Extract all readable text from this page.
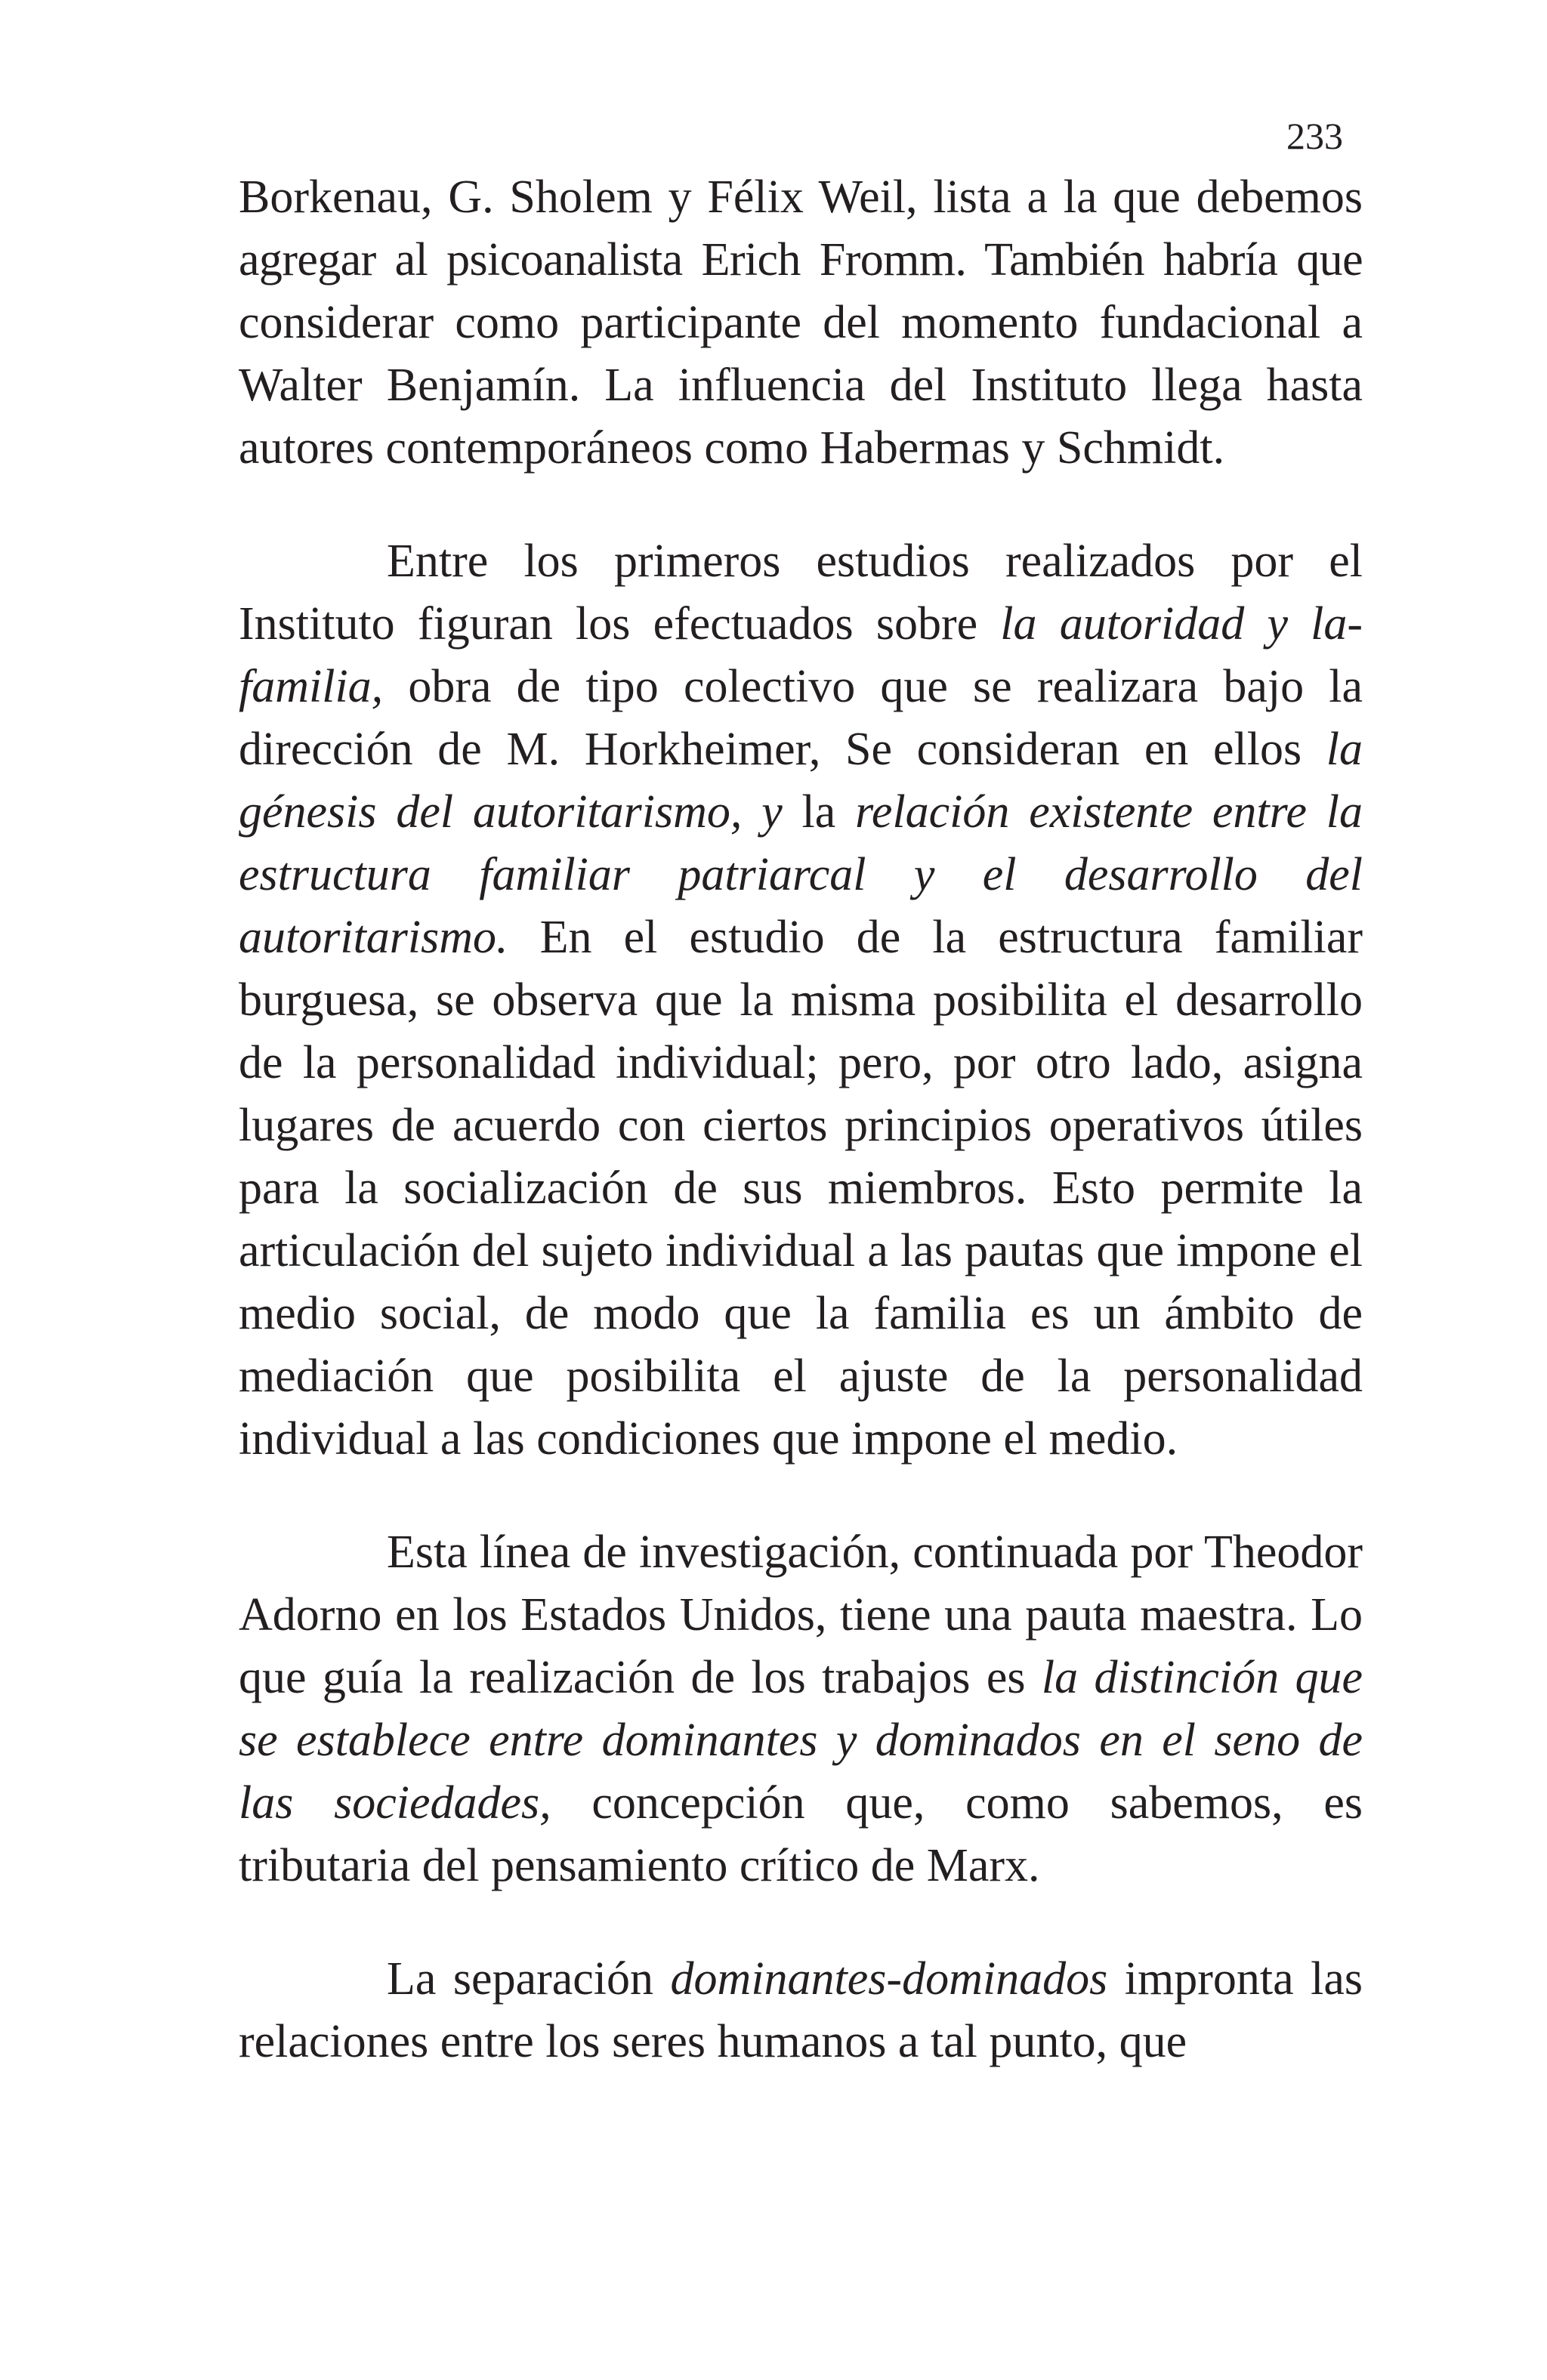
233

Borkenau, G. Sholem y Félix Weil, lista a la que debemos agregar al psicoanalista Erich Fromm. También habría que considerar como participante del momento fundacional a Walter Benjamín. La influencia del Instituto llega hasta autores contemporáneos como Habermas y Schmidt.

Entre los primeros estudios realizados por el Instituto figuran los efectuados sobre la autoridad y la-familia, obra de tipo colectivo que se realizara bajo la dirección de M. Horkheimer, Se consideran en ellos la génesis del autoritarismo, y la relación existente entre la estructura familiar patriarcal y el desarrollo del autoritarismo. En el estudio de la estructura familiar burguesa, se observa que la misma posibilita el desarrollo de la personalidad individual; pero, por otro lado, asigna lugares de acuerdo con ciertos principios operativos útiles para la socialización de sus miembros. Esto permite la articulación del sujeto individual a las pautas que impone el medio social, de modo que la familia es un ámbito de mediación que posibilita el ajuste de la personalidad individual a las condiciones que impone el medio.

Esta línea de investigación, continuada por Theodor Adorno en los Estados Unidos, tiene una pauta maestra. Lo que guía la realización de los trabajos es la distinción que se establece entre dominantes y dominados en el seno de las sociedades, concepción que, como sabemos, es tributaria del pensamiento crítico de Marx.

La separación dominantes-dominados impronta las relaciones entre los seres humanos a tal punto, que
